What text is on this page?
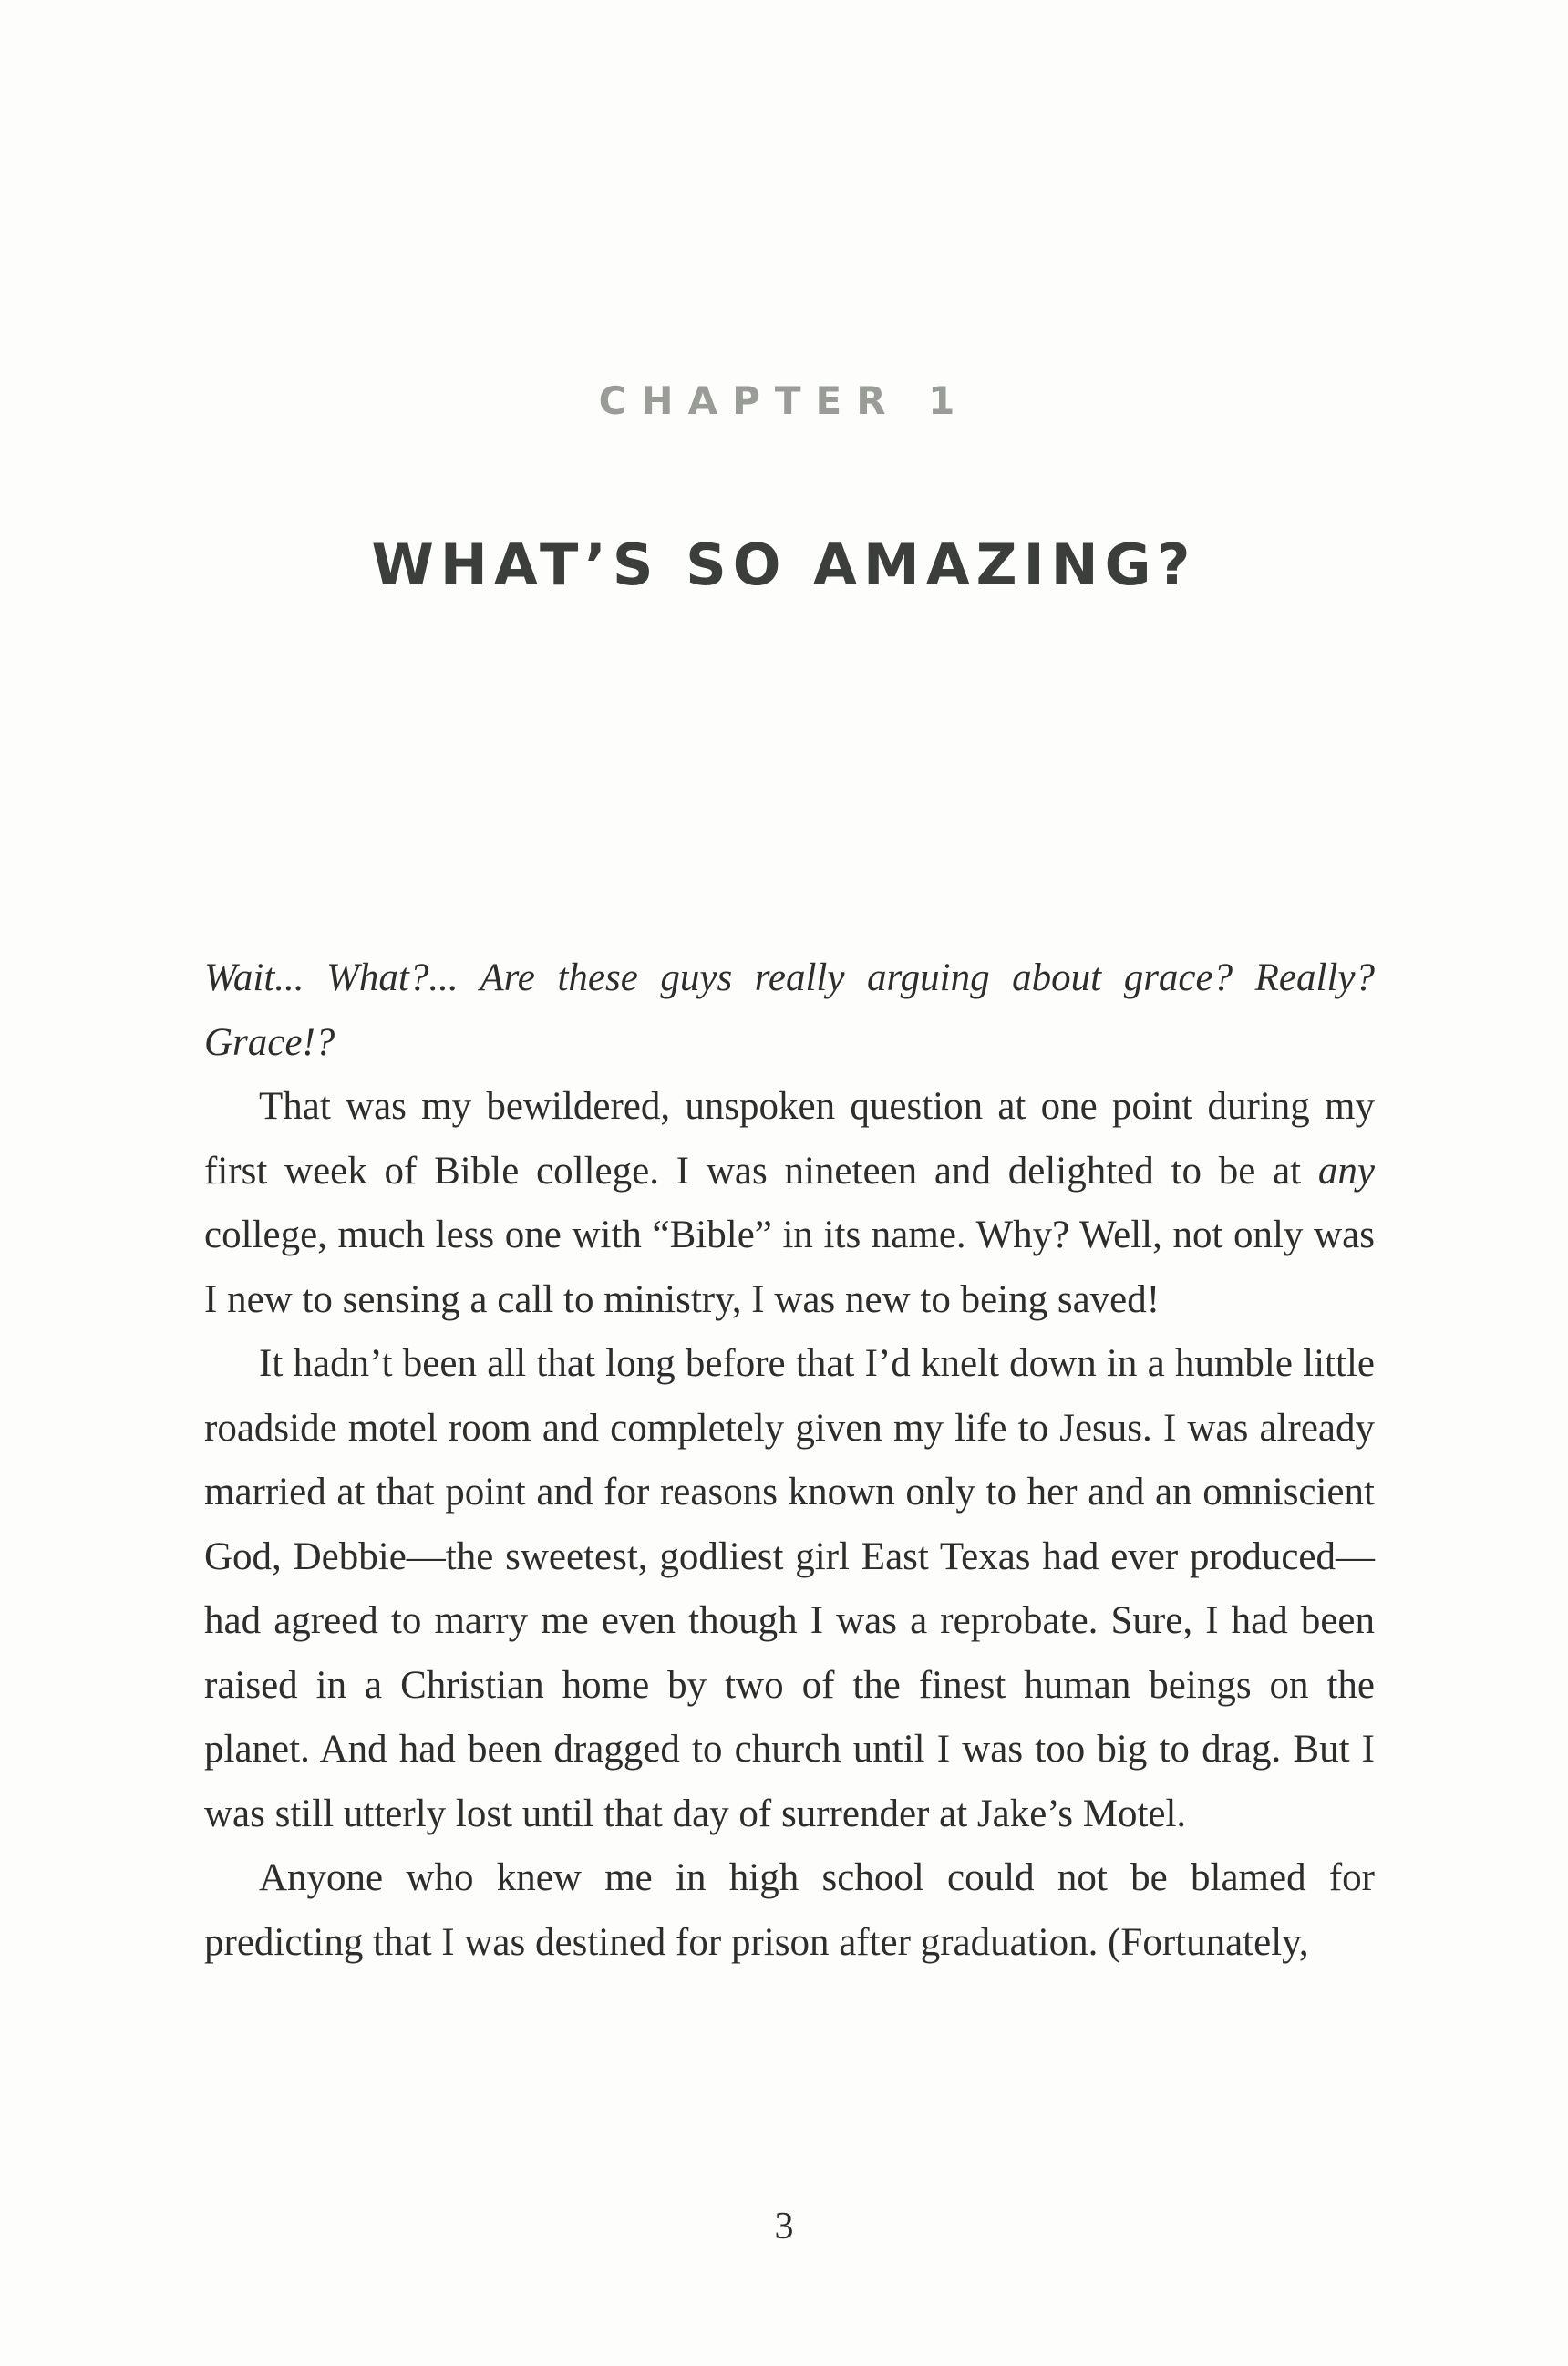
CHAPTER 1
WHAT’S SO AMAZING?

Wait... What?... Are these guys really arguing about grace? Really? Grace!?

That was my bewildered, unspoken question at one point during my first week of Bible college. I was nineteen and delighted to be at any college, much less one with “Bible” in its name. Why? Well, not only was I new to sensing a call to ministry, I was new to being saved!

It hadn’t been all that long before that I’d knelt down in a humble little roadside motel room and completely given my life to Jesus. I was already married at that point and for reasons known only to her and an omniscient God, Debbie—the sweetest, godliest girl East Texas had ever produced—had agreed to marry me even though I was a reprobate. Sure, I had been raised in a Christian home by two of the finest human beings on the planet. And had been dragged to church until I was too big to drag. But I was still utterly lost until that day of surrender at Jake’s Motel.

Anyone who knew me in high school could not be blamed for predicting that I was destined for prison after graduation. (Fortunately,

3
